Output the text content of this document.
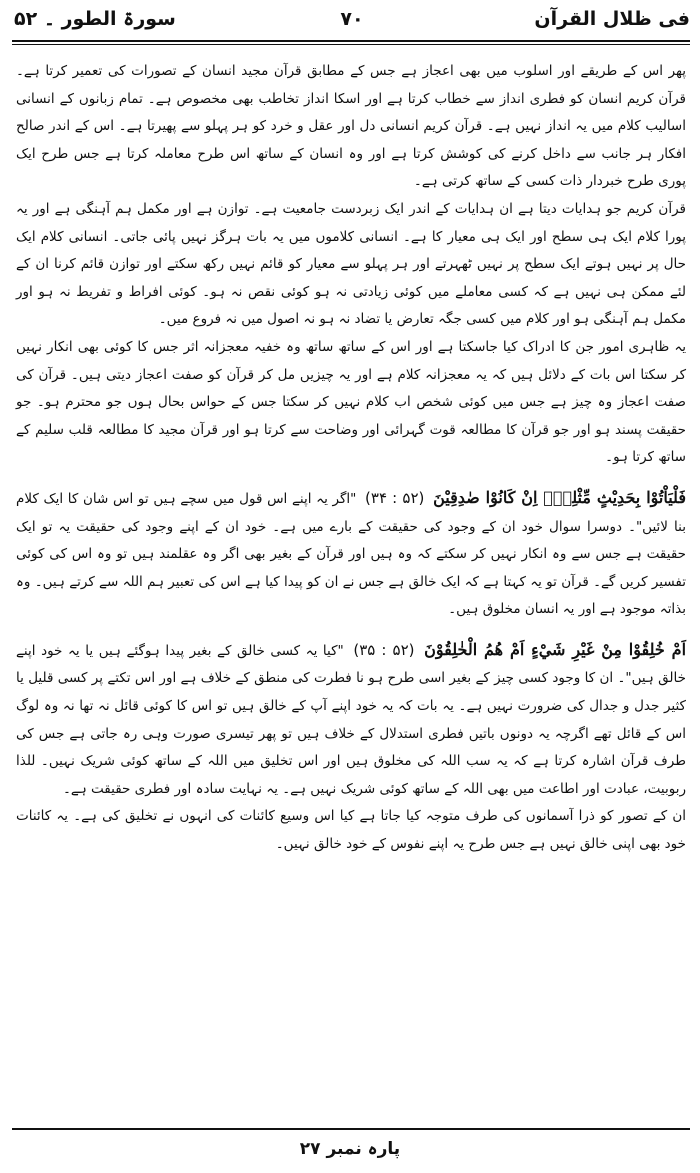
فی ظلال القرآن
۷۰
سورۃ الطور ۔ ۵۲

پھر اس کے طریقے اور اسلوب میں بھی اعجاز ہے جس کے مطابق قرآن مجید انسان کے تصورات کی تعمیر کرتا ہے۔ قرآن کریم انسان کو فطری انداز سے خطاب کرتا ہے اور اسکا انداز تخاطب بھی مخصوص ہے۔ تمام زبانوں کے انسانی اسالیب کلام میں یہ انداز نہیں ہے۔ قرآن کریم انسانی دل اور عقل و خرد کو ہر پہلو سے پھیرتا ہے۔ اس کے اندر صالح افکار ہر جانب سے داخل کرنے کی کوشش کرتا ہے اور وہ انسان کے ساتھ اس طرح معاملہ کرتا ہے جس طرح ایک پوری طرح خبردار ذات کسی کے ساتھ کرتی ہے۔

قرآن کریم جو ہدایات دیتا ہے ان ہدایات کے اندر ایک زبردست جامعیت ہے۔ توازن ہے اور مکمل ہم آہنگی ہے اور یہ پورا کلام ایک ہی سطح اور ایک ہی معیار کا ہے۔ انسانی کلاموں میں یہ بات ہرگز نہیں پائی جاتی۔ انسانی کلام ایک حال پر نہیں ہوتے ایک سطح پر نہیں ٹھہرتے اور ہر پہلو سے معیار کو قائم نہیں رکھ سکتے اور توازن قائم کرنا ان کے لئے ممکن ہی نہیں ہے کہ کسی معاملے میں کوئی زیادتی نہ ہو کوئی نقص نہ ہو۔ کوئی افراط و تفریط نہ ہو اور مکمل ہم آہنگی ہو اور کلام میں کسی جگہ تعارض یا تضاد نہ ہو نہ اصول میں نہ فروع میں۔

یہ ظاہری امور جن کا ادراک کیا جاسکتا ہے اور اس کے ساتھ ساتھ وہ خفیہ معجزانہ اثر جس کا کوئی بھی انکار نہیں کر سکتا اس بات کے دلائل ہیں کہ یہ معجزانہ کلام ہے اور یہ چیزیں مل کر قرآن کو صفت اعجاز دیتی ہیں۔ قرآن کی صفت اعجاز وہ چیز ہے جس میں کوئی شخص اب کلام نہیں کر سکتا جس کے حواس بحال ہوں جو محترم ہو۔ جو حقیقت پسند ہو اور جو قرآن کا مطالعہ قوت گہرائی اور وضاحت سے کرتا ہو اور قرآن مجید کا مطالعہ قلب سلیم کے ساتھ کرتا ہو۔

فَلْيَاْتُوْا بِحَدِيْثٍ مِّثْلِهٖٓ اِنْ كَانُوْا صٰدِقِيْنَ (۵۲ : ۳۴) "اگر یہ اپنے اس قول میں سچے ہیں تو اس شان کا ایک کلام بنا لائیں"۔ دوسرا سوال خود ان کے وجود کی حقیقت کے بارے میں ہے۔ خود ان کے اپنے وجود کی حقیقت یہ تو ایک حقیقت ہے جس سے وہ انکار نہیں کر سکتے کہ وہ ہیں اور قرآن کے بغیر بھی اگر وہ عقلمند ہیں تو وہ اس کی کوئی تفسیر کریں گے۔ قرآن تو یہ کہتا ہے کہ ایک خالق ہے جس نے ان کو پیدا کیا ہے اس کی تعبیر ہم اللہ سے کرتے ہیں۔ وہ بذاتہ موجود ہے اور یہ انسان مخلوق ہیں۔

اَمْ خُلِقُوْا مِنْ غَيْرِ شَيْءٍ اَمْ هُمُ الْخٰلِقُوْنَ (۵۲ : ۳۵) "کیا یہ کسی خالق کے بغیر پیدا ہوگئے ہیں یا یہ خود اپنے خالق ہیں"۔ ان کا وجود کسی چیز کے بغیر اسی طرح ہو نا فطرت کی منطق کے خلاف ہے اور اس تکتے پر کسی قلیل یا کثیر جدل و جدال کی ضرورت نہیں ہے۔ یہ بات کہ یہ خود اپنے آپ کے خالق ہیں تو اس کا کوئی قائل نہ تھا نہ وہ لوگ اس کے قائل تھے اگرچہ یہ دونوں باتیں فطری استدلال کے خلاف ہیں تو پھر تیسری صورت وہی رہ جاتی ہے جس کی طرف قرآن اشارہ کرتا ہے کہ یہ سب اللہ کی مخلوق ہیں اور اس تخلیق میں اللہ کے ساتھ کوئی شریک نہیں۔ للذا ربوبیت، عبادت اور اطاعت میں بھی اللہ کے ساتھ کوئی شریک نہیں ہے۔ یہ نہایت سادہ اور فطری حقیقت ہے۔

ان کے تصور کو ذرا آسمانوں کی طرف متوجہ کیا جاتا ہے کیا اس وسیع کائنات کی انہوں نے تخلیق کی ہے۔ یہ کائنات خود بھی اپنی خالق نہیں ہے جس طرح یہ اپنے نفوس کے خود خالق نہیں۔

پارہ نمبر ۲۷
